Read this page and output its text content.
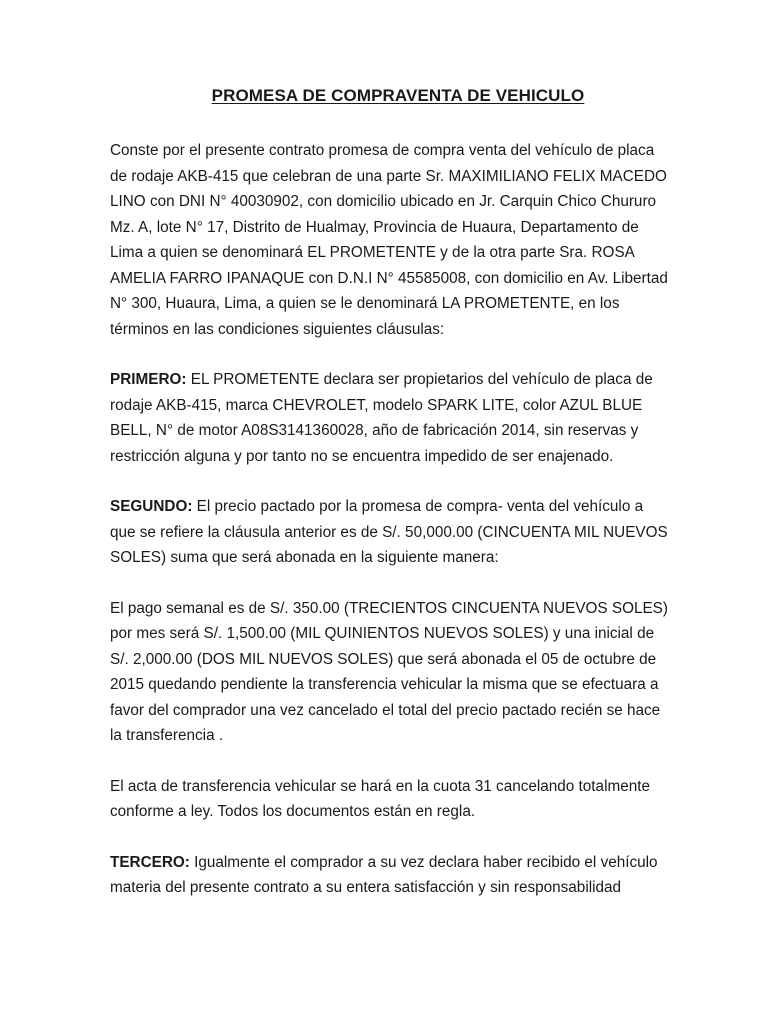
PROMESA DE COMPRAVENTA DE VEHICULO
Conste por el presente contrato promesa de compra venta del vehículo de placa
de rodaje AKB-415 que celebran de una parte Sr. MAXIMILIANO FELIX MACEDO
LINO con DNI N° 40030902, con domicilio ubicado en Jr. Carquin Chico Chururo
Mz. A, lote N° 17, Distrito de Hualmay, Provincia de Huaura, Departamento de
Lima a quien se denominará EL PROMETENTE y de la otra parte Sra. ROSA
AMELIA FARRO IPANAQUE con D.N.I N° 45585008, con domicilio en Av. Libertad
N° 300, Huaura, Lima, a quien se le denominará LA PROMETENTE, en los
términos en las condiciones siguientes cláusulas:
PRIMERO: EL PROMETENTE declara ser propietarios del vehículo de placa de
rodaje AKB-415, marca CHEVROLET, modelo SPARK LITE, color AZUL BLUE
BELL, N° de motor A08S3141360028, año de fabricación 2014, sin reservas y
restricción alguna y por tanto no se encuentra impedido de ser enajenado.
SEGUNDO: El precio pactado por la promesa de compra- venta del vehículo a
que se refiere la cláusula anterior es de S/. 50,000.00 (CINCUENTA MIL NUEVOS
SOLES) suma que será abonada en la siguiente manera:
El pago semanal es de S/. 350.00 (TRECIENTOS CINCUENTA NUEVOS SOLES)
por mes será S/. 1,500.00 (MIL QUINIENTOS NUEVOS SOLES) y una inicial de
S/. 2,000.00 (DOS MIL NUEVOS SOLES) que será abonada el 05 de octubre de
2015 quedando pendiente la transferencia vehicular la misma que se efectuara a
favor del comprador una vez cancelado el total del precio pactado recién se hace
la transferencia .
El acta de transferencia vehicular se hará en la cuota 31 cancelando totalmente
conforme a ley. Todos los documentos están en regla.
TERCERO: Igualmente el comprador a su vez declara haber recibido el vehículo
materia del presente contrato a su entera satisfacción y sin responsabilidad
